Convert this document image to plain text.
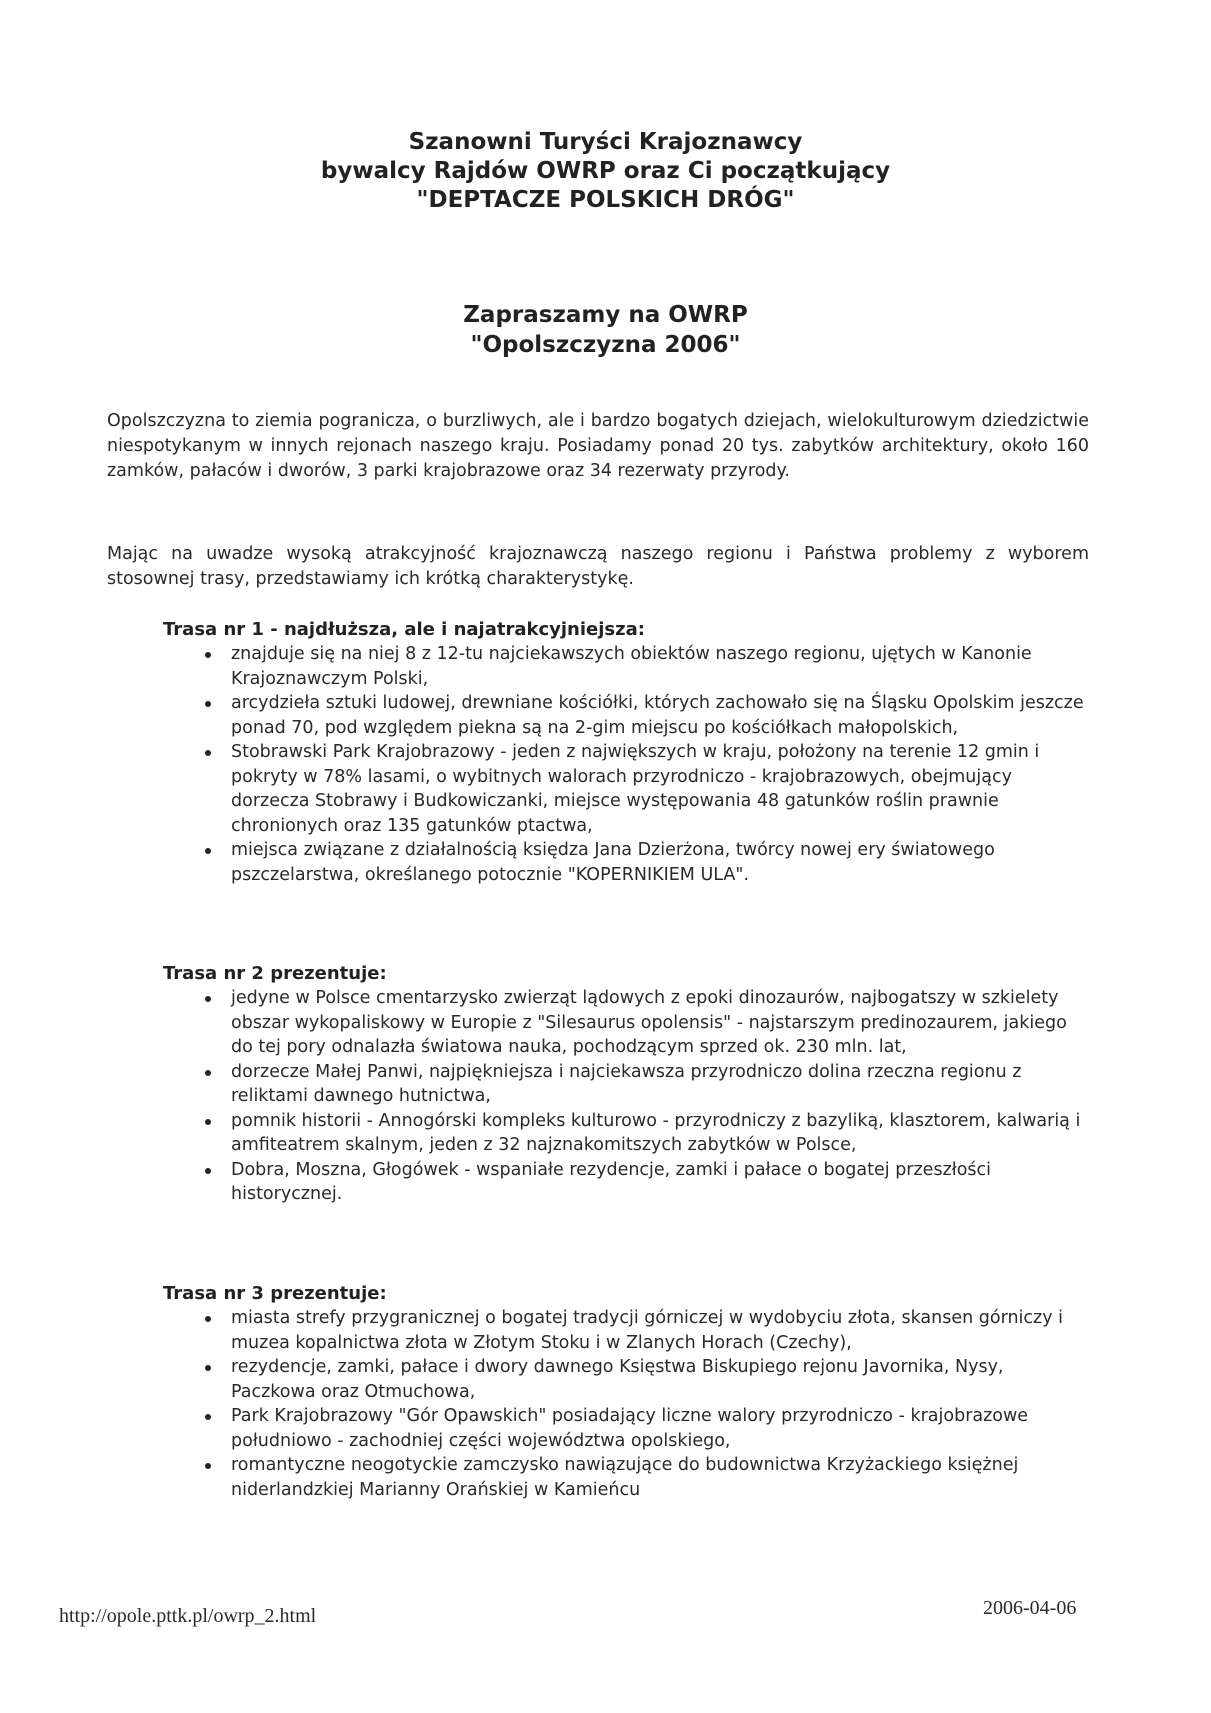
Szanowni Turyści Krajoznawcy
bywalcy Rajdów OWRP oraz Ci początkujący
"DEPTACZE POLSKICH DRÓG"
Zapraszamy na OWRP
"Opolszczyzna 2006"

Opolszczyzna to ziemia pogranicza, o burzliwych, ale i bardzo bogatych dziejach, wielokulturowym dziedzictwie niespotykanym w innych rejonach naszego kraju. Posiadamy ponad 20 tys. zabytków architektury, około 160 zamków, pałaców i dworów, 3 parki krajobrazowe oraz 34 rezerwaty przyrody.

Mając na uwadze wysoką atrakcyjność krajoznawczą naszego regionu i Państwa problemy z wyborem stosownej trasy, przedstawiamy ich krótką charakterystykę.

Trasa nr 1 - najdłuższa, ale i najatrakcyjniejsza:

znajduje się na niej 8 z 12-tu najciekawszych obiektów naszego regionu, ujętych w Kanonie Krajoznawczym Polski,
arcydzieła sztuki ludowej, drewniane kościółki, których zachowało się na Śląsku Opolskim jeszcze ponad 70, pod względem piekna są na 2-gim miejscu po kościółkach małopolskich,
Stobrawski Park Krajobrazowy - jeden z największych w kraju, położony na terenie 12 gmin i pokryty w 78% lasami, o wybitnych walorach przyrodniczo - krajobrazowych, obejmujący dorzecza Stobrawy i Budkowiczanki, miejsce występowania 48 gatunków roślin prawnie chronionych oraz 135 gatunków ptactwa,
miejsca związane z działalnością księdza Jana Dzierżona, twórcy nowej ery światowego pszczelarstwa, określanego potocznie "KOPERNIKIEM ULA".

Trasa nr 2 prezentuje:

jedyne w Polsce cmentarzysko zwierząt lądowych z epoki dinozaurów, najbogatszy w szkielety obszar wykopaliskowy w Europie z "Silesaurus opolensis" - najstarszym predinozaurem, jakiego do tej pory odnalazła światowa nauka, pochodzącym sprzed ok. 230 mln. lat,
dorzecze Małej Panwi, najpiękniejsza i najciekawsza przyrodniczo dolina rzeczna regionu z reliktami dawnego hutnictwa,
pomnik historii - Annogórski kompleks kulturowo - przyrodniczy z bazyliką, klasztorem, kalwarią i amfiteatrem skalnym, jeden z 32 najznakomitszych zabytków w Polsce,
Dobra, Moszna, Głogówek - wspaniałe rezydencje, zamki i pałace o bogatej przeszłości historycznej.

Trasa nr 3 prezentuje:

miasta strefy przygranicznej o bogatej tradycji górniczej w wydobyciu złota, skansen górniczy i muzea kopalnictwa złota w Złotym Stoku i w Zlanych Horach (Czechy),
rezydencje, zamki, pałace i dwory dawnego Księstwa Biskupiego rejonu Javornika, Nysy, Paczkowa oraz Otmuchowa,
Park Krajobrazowy "Gór Opawskich" posiadający liczne walory przyrodniczo - krajobrazowe południowo - zachodniej części województwa opolskiego,
romantyczne neogotyckie zamczysko nawiązujące do budownictwa Krzyżackiego księżnej niderlandzkiej Marianny Orańskiej w Kamieńcu
http://opole.pttk.pl/owrp_2.html	2006-04-06
